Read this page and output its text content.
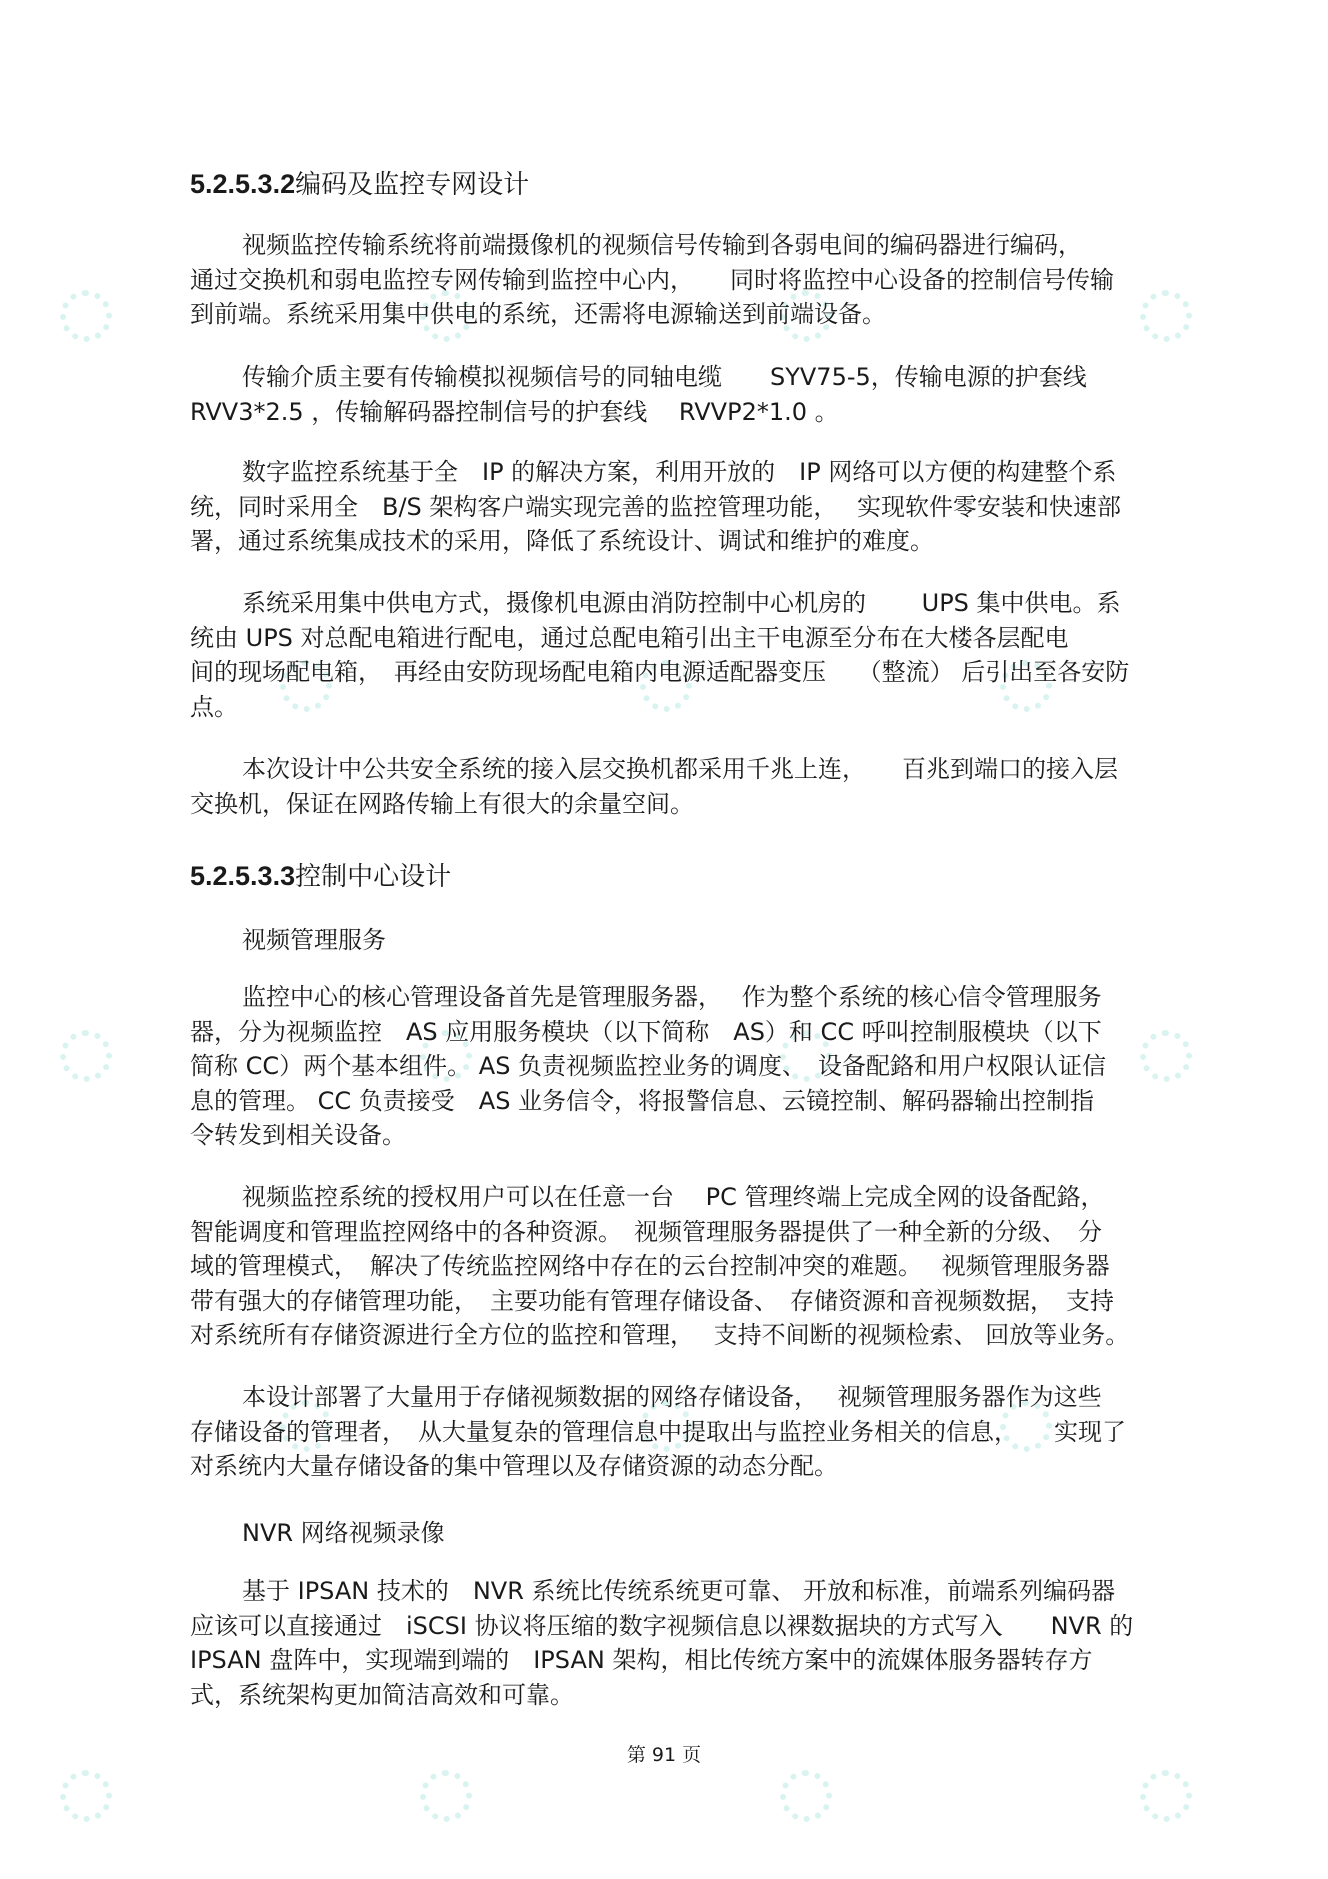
5.2.5.3.2编码及监控专网设计

视频监控传输系统将前端摄像机的视频信号传输到各弱电间的编码器进行编码，
通过交换机和弱电监控专网传输到监控中心内，　　同时将监控中心设备的控制信号传输
到前端。系统采用集中供电的系统，还需将电源输送到前端设备。

传输介质主要有传输模拟视频信号的同轴电缆　　SYV75-5，传输电源的护套线
RVV3*2.5 ，传输解码器控制信号的护套线　 RVVP2*1.0 。

数字监控系统基于全　IP 的解决方案，利用开放的　IP 网络可以方便的构建整个系
统，同时采用全　B/S 架构客户端实现完善的监控管理功能，　 实现软件零安装和快速部
署，通过系统集成技术的采用，降低了系统设计、调试和维护的难度。

系统采用集中供电方式，摄像机电源由消防控制中心机房的　　 UPS 集中供电。系
统由 UPS 对总配电箱进行配电，通过总配电箱引出主干电源至分布在大楼各层配电
间的现场配电箱，　再经由安防现场配电箱内电源适配器变压　 （整流） 后引出至各安防
点。

本次设计中公共安全系统的接入层交换机都采用千兆上连，　　百兆到端口的接入层
交换机，保证在网路传输上有很大的余量空间。

5.2.5.3.3控制中心设计

视频管理服务

监控中心的核心管理设备首先是管理服务器，　 作为整个系统的核心信令管理服务
器，分为视频监控　AS 应用服务模块（以下简称　AS）和 CC 呼叫控制服模块（以下
简称 CC）两个基本组件。 AS 负责视频监控业务的调度、　设备配鉻和用户权限认证信
息的管理。 CC 负责接受　AS 业务信令，将报警信息、云镜控制、解码器输出控制指
令转发到相关设备。

视频监控系统的授权用户可以在任意一台　 PC 管理终端上完成全网的设备配鉻，
智能调度和管理监控网络中的各种资源。　视频管理服务器提供了一种全新的分级、　分
域的管理模式，　解决了传统监控网络中存在的云台控制冲突的难题。　 视频管理服务器
带有强大的存储管理功能，　主要功能有管理存储设备、　存储资源和音视频数据，　支持
对系统所有存储资源进行全方位的监控和管理，　 支持不间断的视频检索、 回放等业务。

本设计部署了大量用于存储视频数据的网络存储设备，　 视频管理服务器作为这些
存储设备的管理者，　从大量复杂的管理信息中提取出与监控业务相关的信息，　　实现了
对系统内大量存储设备的集中管理以及存储资源的动态分配。

NVR 网络视频录像

基于 IPSAN 技术的　NVR 系统比传统系统更可靠、 开放和标准，前端系列编码器
应该可以直接通过　iSCSI 协议将压缩的数字视频信息以裸数据块的方式写入　　NVR 的
IPSAN 盘阵中，实现端到端的　IPSAN 架构，相比传统方案中的流媒体服务器转存方
式，系统架构更加简洁高效和可靠。

第 91 页
